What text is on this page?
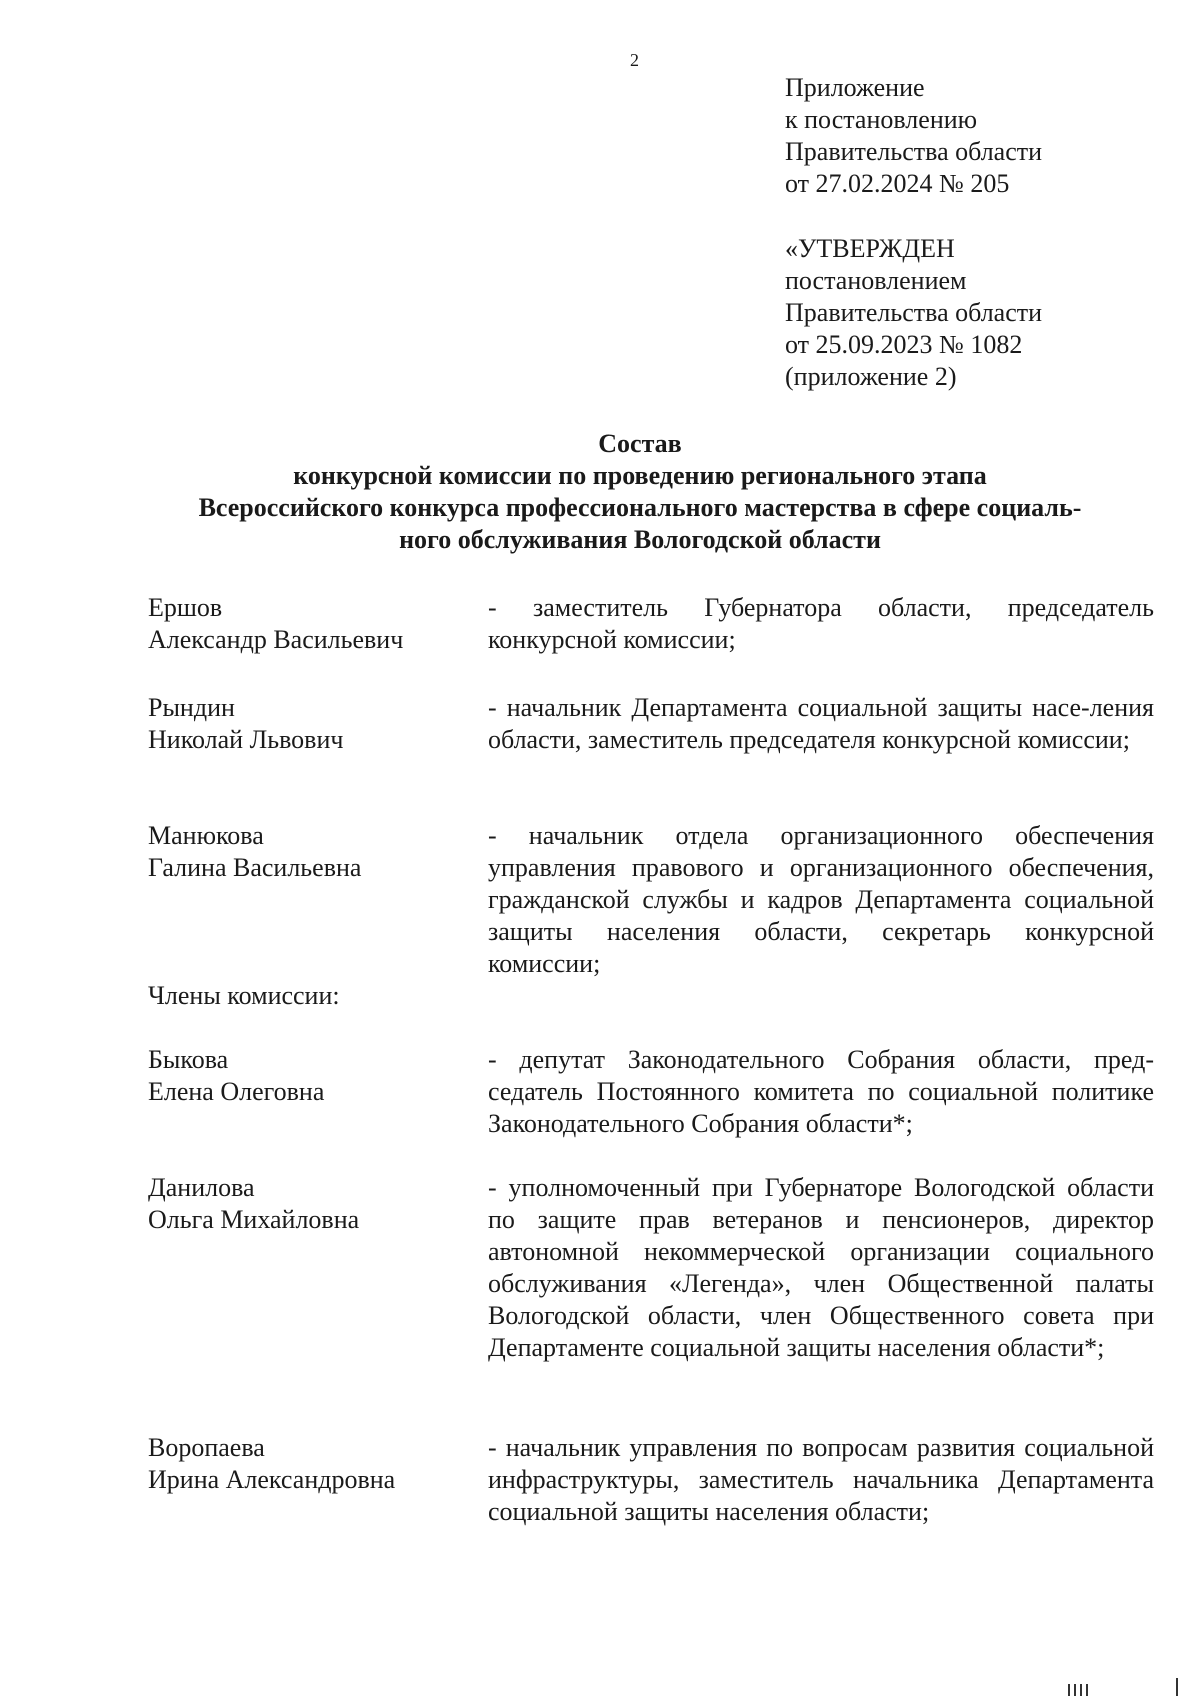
2
Приложение
к постановлению
Правительства области
от 27.02.2024 № 205
«УТВЕРЖДЕН
постановлением
Правительства области
от 25.09.2023 № 1082
(приложение 2)
Состав
конкурсной комиссии по проведению регионального этапа
Всероссийского конкурса профессионального мастерства в сфере социаль-
ного обслуживания Вологодской области
Ершов
Александр Васильевич
- заместитель Губернатора области, председатель конкурсной комиссии;
Рындин
Николай Львович
- начальник Департамента социальной защиты насе-ления области, заместитель председателя конкурсной комиссии;
Манюкова
Галина Васильевна
- начальник отдела организационного обеспечения управления правового и организационного обеспечения, гражданской службы и кадров Департамента социальной защиты населения области, секретарь конкурсной комиссии;
Члены комиссии:
Быкова
Елена Олеговна
- депутат Законодательного Собрания области, председатель Постоянного комитета по социальной политике Законодательного Собрания области*;
Данилова
Ольга Михайловна
- уполномоченный при Губернаторе Вологодской области по защите прав ветеранов и пенсионеров, директор автономной некоммерческой организации социального обслуживания «Легенда», член Общественной палаты Вологодской области, член Общественного совета при Департаменте социальной защиты населения области*;
Воропаева
Ирина Александровна
- начальник управления по вопросам развития социальной инфраструктуры, заместитель начальника Департамента социальной защиты населения области;
